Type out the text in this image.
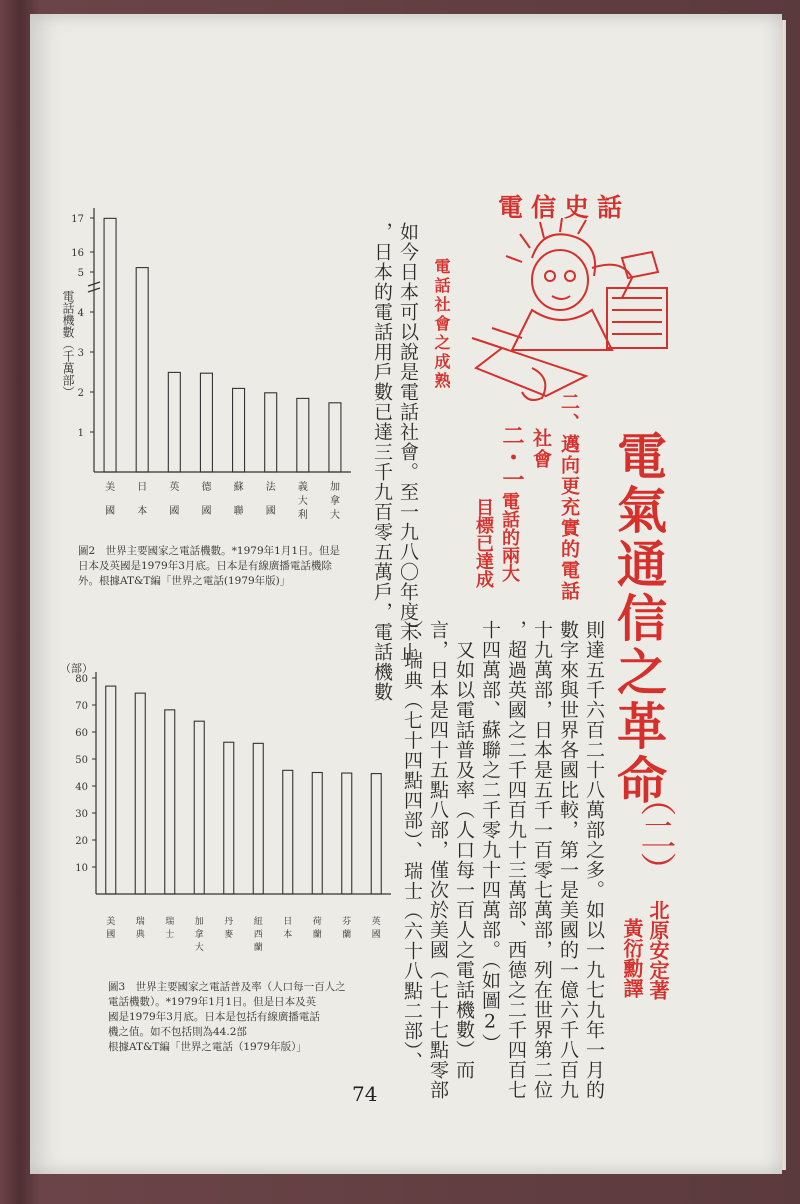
電信史話
電話社會之成熟
二、邁向更充實的電話
社會
二・一
電話的兩大
目標已達成 電氣通信之革命
（二）
北原安定著
黃衍勳譯
則達五千六百二十八萬部之多。如以一九七九年一月的
數字來與世界各國比較，第一是美國的一億六千八百九
十九萬部，日本是五千一百零七萬部，列在世界第二位
，超過英國之二千四百九十三萬部、西德之二千四百七
十四萬部、蘇聯之二千零九十四萬部。（如圖2）
又如以電話普及率（人口每一百人之電話機數）而
言，日本是四十五點八部，僅次於美國（七十七點零部
）、瑞典（七十四點四部）、瑞士（六十八點二部）、
如今日本可以說是電話社會。至一九八〇年度末止
，日本的電話用戶數已達三千九百零五萬戶，電話機數
17
16
5
4
3
2
1
美
國
日
本
英
國
德
國
蘇
聯
法
國
義
大
利
加
拿
大
電話機數（千萬部）
圖2　世界主要國家之電話機數。*1979年1月1日。但是日本及英國是1979年3月底。日本是有線廣播電話機除外。根據AT&T編「世界之電話(1979年版)」
80
70
60
50
40
30
20
10
美
國
瑞
典
瑞
士
加
拿
大
丹
麥
紐
西
蘭
日
本
荷
蘭
芬
蘭
英
國
（部）
圖3　世界主要國家之電話普及率（人口每一百人之
電話機數）。*1979年1月1日。但是日本及英
國是1979年3月底。日本是包括有線廣播電話
機之值。如不包括則為44.2部
根據AT&T編「世界之電話（1979年版）」
74
